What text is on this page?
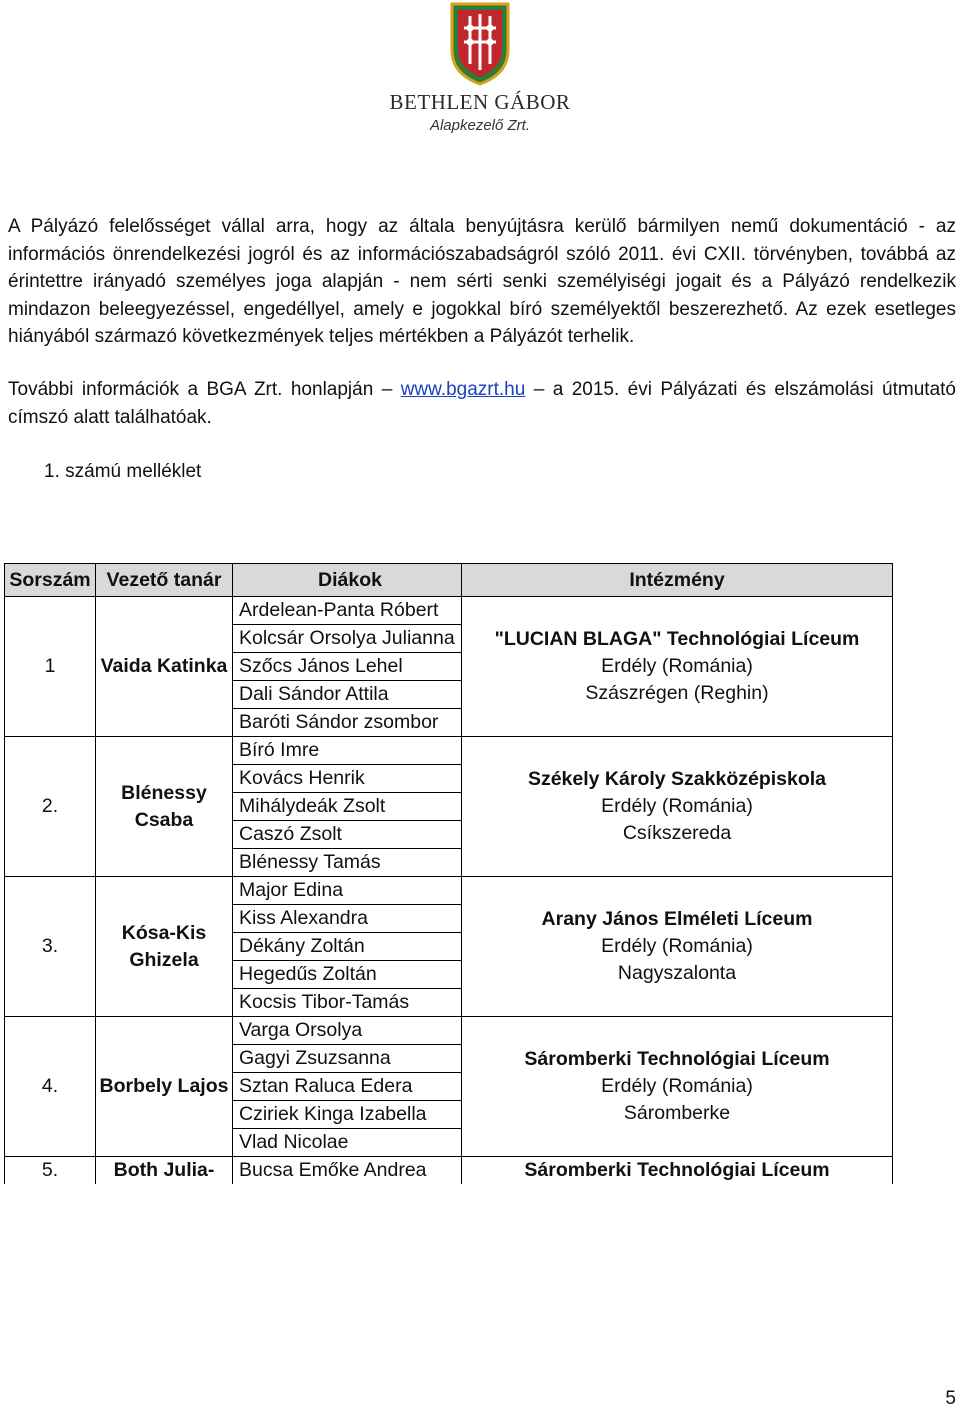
BETHLEN GÁBOR
Alapkezelő Zrt.

A Pályázó felelősséget vállal arra, hogy az általa benyújtásra kerülő bármilyen nemű dokumentáció - az információs önrendelkezési jogról és az információszabadságról szóló 2011. évi CXII. törvényben, továbbá az érintettre irányadó személyes joga alapján - nem sérti senki személyiségi jogait és a Pályázó rendelkezik mindazon beleegyezéssel, engedéllyel, amely e jogokkal bíró személyektől beszerezhető. Az ezek esetleges hiányából származó következmények teljes mértékben a Pályázót terhelik.

További információk a BGA Zrt. honlapján – www.bgazrt.hu – a 2015. évi Pályázati és elszámolási útmutató címszó alatt találhatóak.

1. számú melléklet

Sorszám	Vezető tanár	Diákok	Intézmény
1	Vaida Katinka	Ardelean-Panta Róbert	"LUCIAN BLAGA" Technológiai Líceum
Erdély (Románia)
Szászrégen (Reghin)

		Kolcsár Orsolya Julianna	
		Szőcs János Lehel	
		Dali Sándor Attila	
		Baróti Sándor zsombor	
2.	Blénessy Csaba	Bíró Imre	Székely Károly Szakközépiskola
Erdély (Románia)
Csíkszereda

		Kovács Henrik	
		Mihálydeák Zsolt	
		Caszó Zsolt	
		Blénessy Tamás	
3.	Kósa-Kis Ghizela	Major Edina	Arany János Elméleti Líceum
Erdély (Románia)
Nagyszalonta

		Kiss Alexandra	
		Dékány Zoltán	
		Hegedűs Zoltán	
		Kocsis Tibor-Tamás	
4.	Borbely Lajos	Varga Orsolya	Sáromberki Technológiai Líceum
Erdély (Románia)
Sáromberke

		Gagyi Zsuzsanna	
		Sztan Raluca Edera	
		Cziriek Kinga Izabella	
		Vlad Nicolae	
5.	Both Julia-	Bucsa Emőke Andrea	Sáromberki Technológiai Líceum
5
